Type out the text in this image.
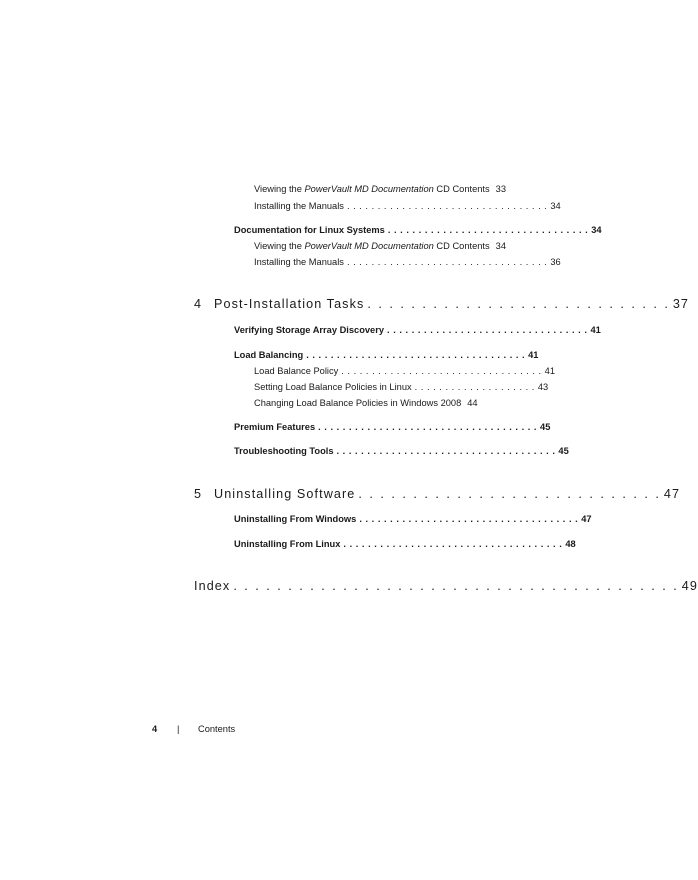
Viewing the PowerVault MD Documentation CD Contents 33
Installing the Manuals . . . . . . . . . . . . . . . . . . . . . . . . . . . . . . . . . 34
Documentation for Linux Systems . . . . . . . . . . . . . . . . . . . . . . . . . . . . . . . . . 34
Viewing the PowerVault MD Documentation CD Contents 34
Installing the Manuals . . . . . . . . . . . . . . . . . . . . . . . . . . . . . . . . . 36
4 Post-Installation Tasks . . . . . . . . . . . . . . . . . . . . . . . . . . . . 37
Verifying Storage Array Discovery . . . . . . . . . . . . . . . . . . . . . . . . . . . . . . . . . 41
Load Balancing . . . . . . . . . . . . . . . . . . . . . . . . . . . . . . . . . . . . 41
Load Balance Policy . . . . . . . . . . . . . . . . . . . . . . . . . . . . . . . . . 41
Setting Load Balance Policies in Linux . . . . . . . . . . . . . . . . . . . . 43
Changing Load Balance Policies in Windows 2008 44
Premium Features . . . . . . . . . . . . . . . . . . . . . . . . . . . . . . . . . . . . 45
Troubleshooting Tools . . . . . . . . . . . . . . . . . . . . . . . . . . . . . . . . . . . . 45
5 Uninstalling Software . . . . . . . . . . . . . . . . . . . . . . . . . . . . 47
Uninstalling From Windows . . . . . . . . . . . . . . . . . . . . . . . . . . . . . . . . . . . . 47
Uninstalling From Linux . . . . . . . . . . . . . . . . . . . . . . . . . . . . . . . . . . . . 48
Index . . . . . . . . . . . . . . . . . . . . . . . . . . . . . . . . . . . . . . . . . 49
4 | Contents
